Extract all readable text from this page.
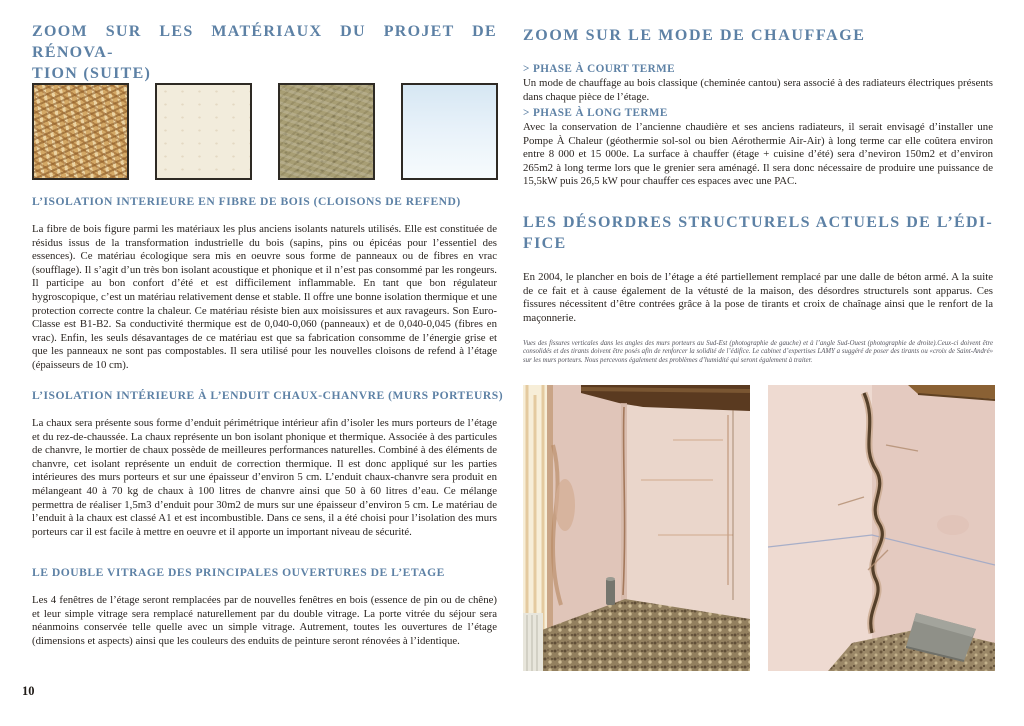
ZOOM SUR LES MATÉRIAUX DU PROJET DE RÉNOVA-
TION (SUITE)
L’ISOLATION INTERIEURE EN FIBRE DE BOIS (CLOISONS DE REFEND)
La fibre de bois figure parmi les matériaux les plus anciens isolants naturels utilisés. Elle est constituée de résidus issus de la transformation industrielle du bois (sapins, pins ou épicéas pour l’essentiel des essences). Ce matériau écologique sera mis en oeuvre sous forme de panneaux ou de fibres en vrac (soufflage). Il s’agit d’un très bon isolant acoustique et phonique et il n’est pas consommé par les rongeurs. Il participe au bon confort d’été et est difficilement inflammable. En tant que bon régulateur hygroscopique, c’est un matériau relativement dense et stable. Il offre une bonne isolation thermique et une protection correcte contre la chaleur. Ce matériau résiste bien aux moisissures et aux ravageurs. Son Euro-Classe est B1-B2. Sa conductivité thermique est de 0,040-0,060 (panneaux) et de 0,040-0,045 (fibres en vrac). Enfin, les seuls désavantages de ce matériau est que sa fabrication consomme de l’énergie grise et que les panneaux ne sont pas compostables. Il sera utilisé pour les nouvelles cloisons de refend à l’étage (épaisseurs de 10 cm).
L’ISOLATION INTÉRIEURE À L’ENDUIT CHAUX-CHANVRE (MURS PORTEURS)
La chaux sera présente sous forme d’enduit périmétrique intérieur afin d’isoler les murs porteurs de l’étage et du rez-de-chaussée. La chaux représente un bon isolant phonique et thermique. Associée à des particules de chanvre, le mortier de chaux possède de meilleures performances naturelles. Combiné à des éléments de chanvre, cet isolant représente un enduit de correction thermique. Il est donc appliqué sur les parties intérieures des murs porteurs et sur une épaisseur d’environ 5 cm. L’enduit chaux-chanvre sera produit en mélangeant 40 à 70 kg de chaux à 100 litres de chanvre ainsi que 50 à 60 litres d’eau. Ce mélange permettra de réaliser 1,5m3 d’enduit pour 30m2 de murs sur une épaisseur d’environ 5 cm. Le matériau de l’enduit à la chaux est classé A1 et est incombustible. Dans ce sens, il a été choisi pour l’isolation des murs porteurs car il est facile à mettre en oeuvre et il apporte un important niveau de sécurité.
LE DOUBLE VITRAGE DES PRINCIPALES OUVERTURES DE L’ETAGE
Les 4 fenêtres de l’étage seront remplacées par de nouvelles fenêtres en bois (essence de pin ou de chêne) et leur simple vitrage sera remplacé naturellement par du double vitrage. La porte vitrée du séjour sera néanmoins conservée telle quelle avec un simple vitrage. Autrement, toutes les ouvertures de l’étage (dimensions et aspects) ainsi que les couleurs des enduits de peinture seront rénovées à l’identique.
10
ZOOM SUR LE MODE DE CHAUFFAGE
> PHASE À COURT TERME
Un mode de chauffage au bois classique (cheminée cantou) sera associé à des radiateurs électriques présents dans chaque pièce de l’étage.
> PHASE À LONG TERME
Avec la conservation de l’ancienne chaudière et ses anciens radiateurs, il serait envisagé d’installer une Pompe À Chaleur (géothermie sol-sol ou bien Aérothermie Air-Air) à long terme car elle coûtera environ entre 8 000 et 15 000e. La surface à chauffer (étage + cuisine d’été) sera d’neviron 150m2 et d’environ 265m2 à long terme lors que le grenier sera aménagé. Il sera donc nécessaire de produire une puissance de 15,5kW puis 26,5 kW pour chauffer ces espaces avec une PAC.
LES DÉSORDRES STRUCTURELS ACTUELS DE L’ÉDI-
FICE
En 2004, le plancher en bois de l’étage a été partiellement remplacé par une dalle de béton armé. A la suite de ce fait et à cause également de la vétusté de la maison, des désordres structurels sont apparus. Ces fissures nécessitent d’être contrées grâce à la pose de tirants et croix de chaînage ainsi que le renfort de la maçonnerie.
Vues des fissures verticales dans les angles des murs porteurs au Sud-Est (photographie de gauche) et à l’angle Sud-Ouest (photographie de droite).Ceux-ci doivent être consolidés et des tirants doivent être posés afin de renforcer la solidité de l’édifice. Le cabinet d’expertises LAMY a suggéré de poser des tirants ou «croix de Saint-André» sur les murs porteurs. Nous percevons également des problèmes d’humidité qui seront également à traiter.
